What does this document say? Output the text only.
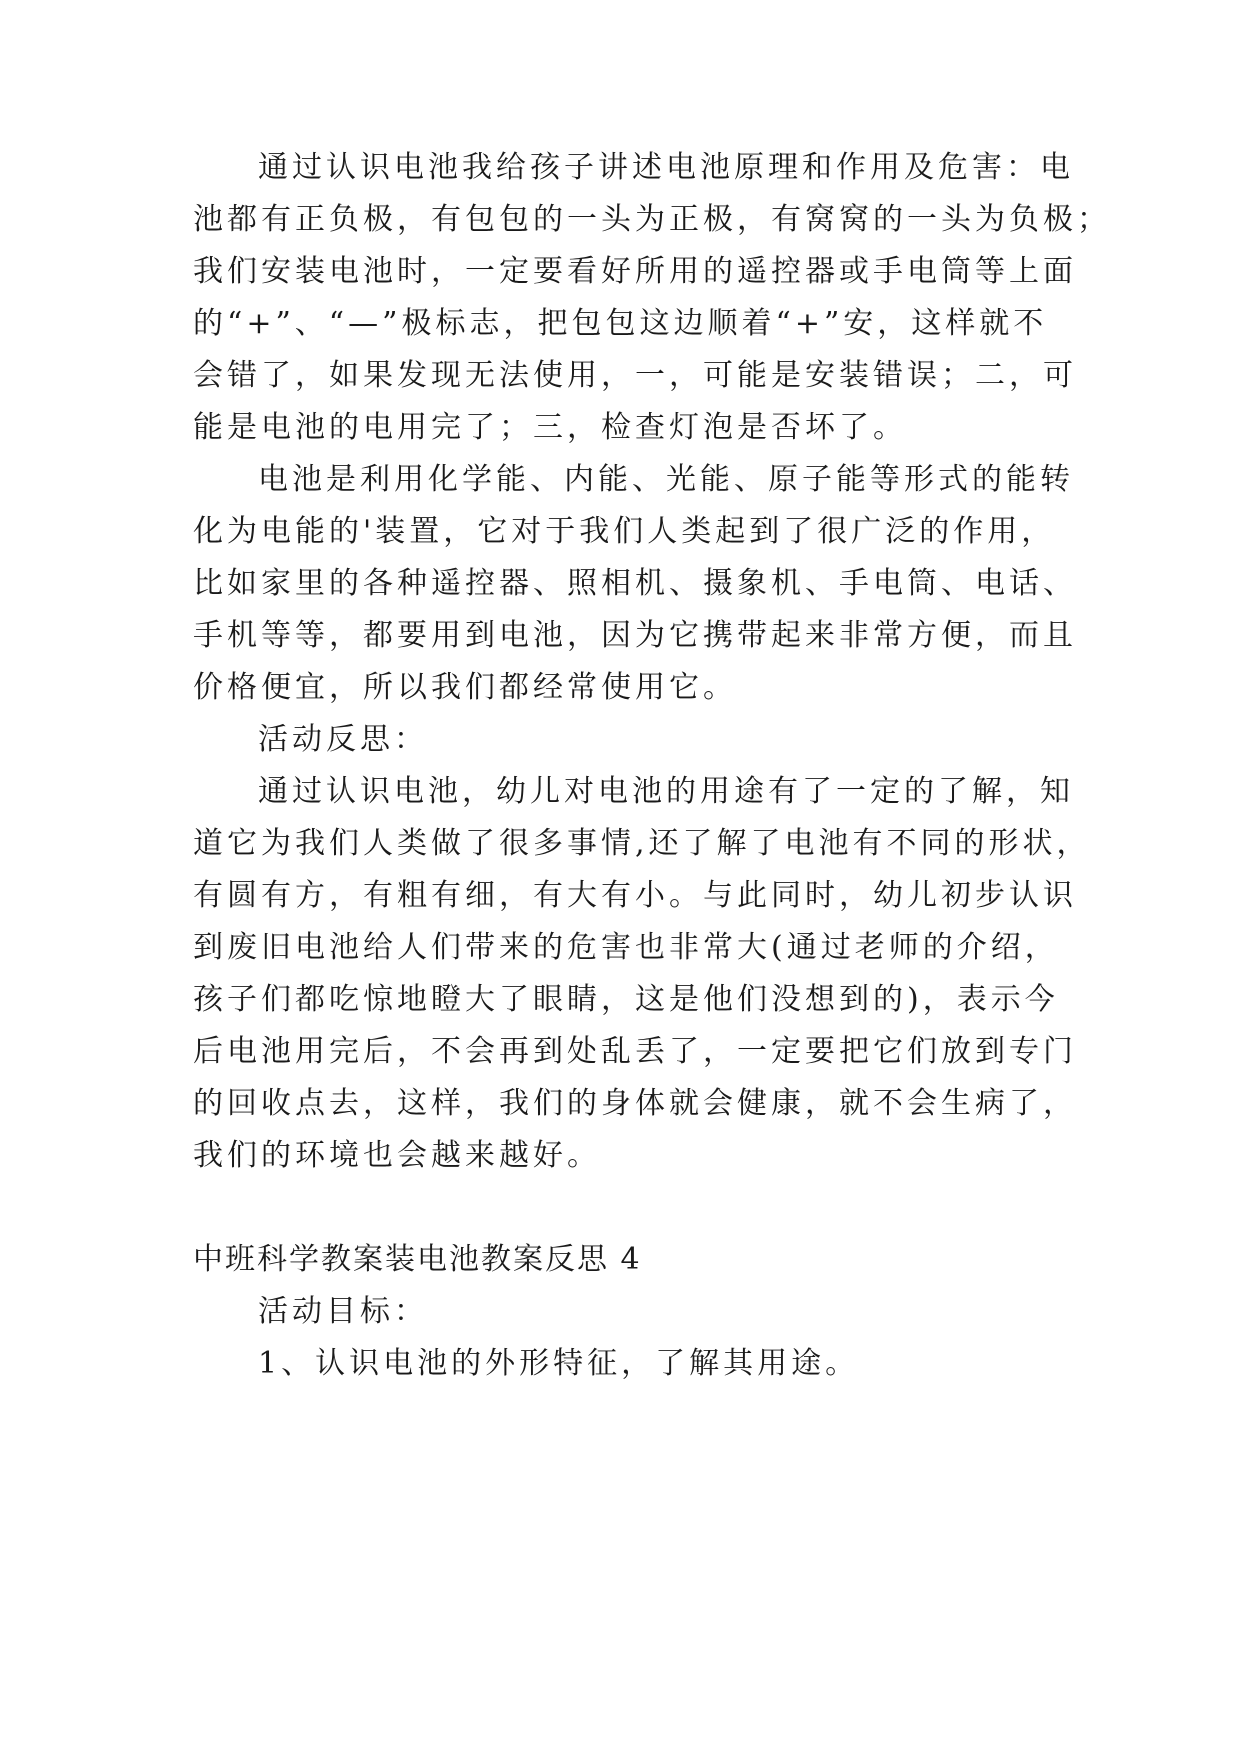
通过认识电池我给孩子讲述电池原理和作用及危害：电
池都有正负极，有包包的一头为正极，有窝窝的一头为负极；
我们安装电池时，一定要看好所用的遥控器或手电筒等上面
的“+”、“—”极标志，把包包这边顺着“+”安，这样就不
会错了，如果发现无法使用，一，可能是安装错误；二，可
能是电池的电用完了；三，检查灯泡是否坏了。
电池是利用化学能、内能、光能、原子能等形式的能转
化为电能的'装置，它对于我们人类起到了很广泛的作用，
比如家里的各种遥控器、照相机、摄象机、手电筒、电话、
手机等等，都要用到电池，因为它携带起来非常方便，而且
价格便宜，所以我们都经常使用它。
活动反思：
通过认识电池，幼儿对电池的用途有了一定的了解，知
道它为我们人类做了很多事情,还了解了电池有不同的形状，
有圆有方，有粗有细，有大有小。与此同时，幼儿初步认识
到废旧电池给人们带来的危害也非常大(通过老师的介绍，
孩子们都吃惊地瞪大了眼睛，这是他们没想到的)，表示今
后电池用完后，不会再到处乱丢了，一定要把它们放到专门
的回收点去，这样，我们的身体就会健康，就不会生病了，
我们的环境也会越来越好。
中班科学教案装电池教案反思 4
活动目标：
1、认识电池的外形特征，了解其用途。
